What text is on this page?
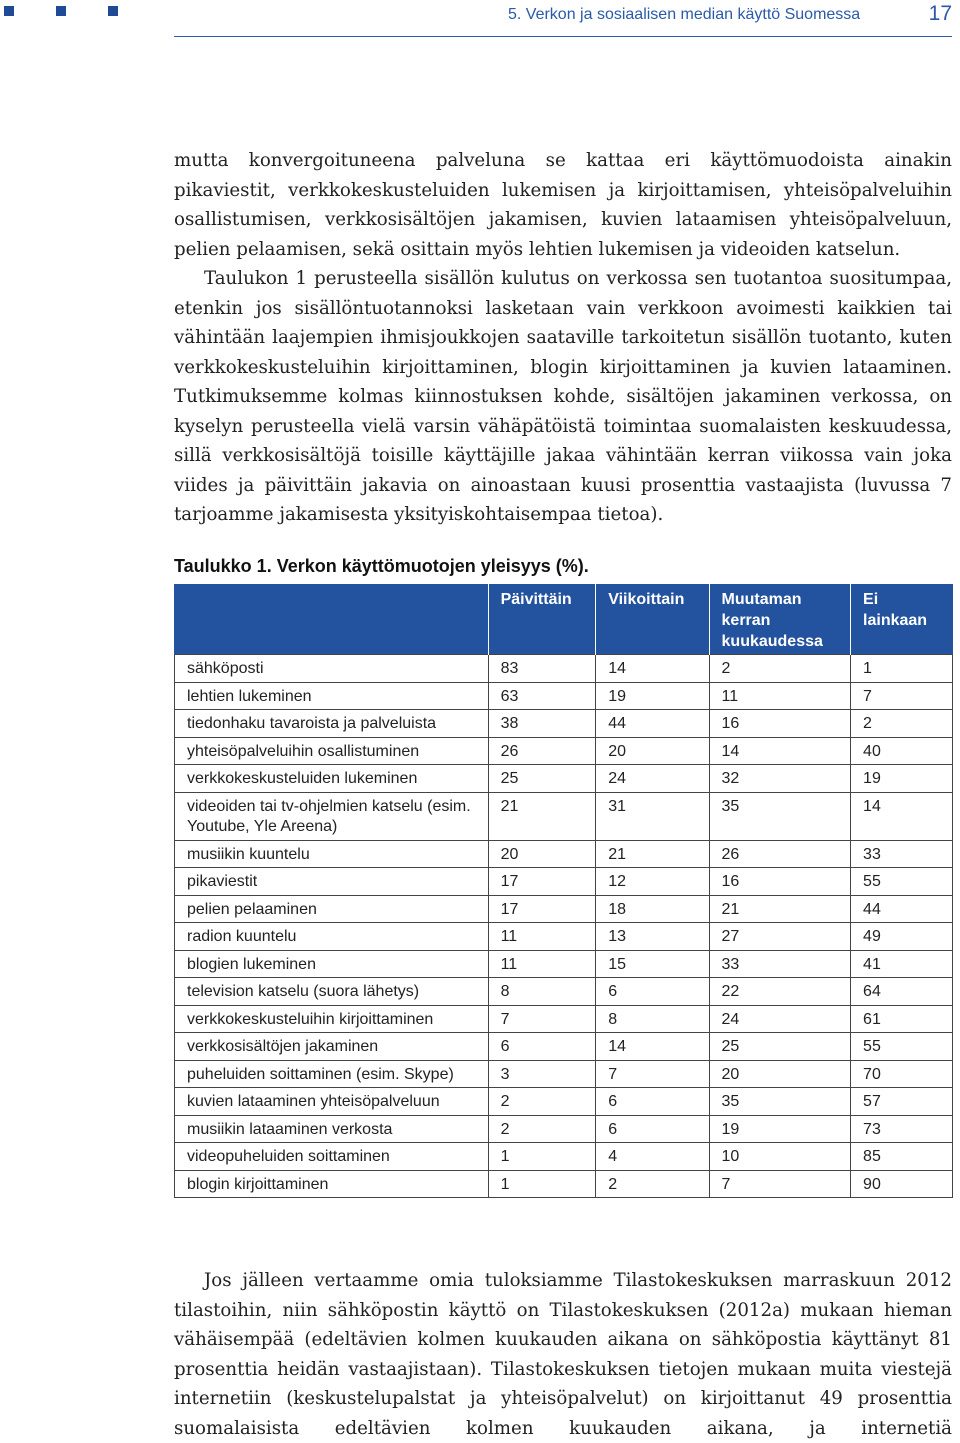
5. Verkon ja sosiaalisen median käyttö Suomessa	17

mutta konvergoituneena palveluna se kattaa eri käyttömuodoista ainakin pikaviestit, verkkokeskusteluiden lukemisen ja kirjoittamisen, yhteisöpalveluihin osallistumisen, verkkosisältöjen jakamisen, kuvien lataamisen yhteisöpalveluun, pelien pelaamisen, sekä osittain myös lehtien lukemisen ja videoiden katselun.

Taulukon 1 perusteella sisällön kulutus on verkossa sen tuotantoa suositumpaa, etenkin jos sisällöntuotannoksi lasketaan vain verkkoon avoimesti kaikkien tai vähintään laajempien ihmisjoukkojen saataville tarkoitetun sisällön tuotanto, kuten verkkokeskusteluihin kirjoittaminen, blogin kirjoittaminen ja kuvien lataaminen. Tutkimuksemme kolmas kiinnostuksen kohde, sisältöjen jakaminen verkossa, on kyselyn perusteella vielä varsin vähäpätöistä toimintaa suomalaisten keskuudessa, sillä verkkosisältöjä toisille käyttäjille jakaa vähintään kerran viikossa vain joka viides ja päivittäin jakavia on ainoastaan kuusi prosenttia vastaajista (luvussa 7 tarjoamme jakamisesta yksityiskohtaisempaa tietoa).

Taulukko 1. Verkon käyttömuotojen yleisyys (%).
	Päivittäin	Viikoittain	Muutaman kerran kuukaudessa	Ei lainkaan
sähköposti	83	14	2	1
lehtien lukeminen	63	19	11	7
tiedonhaku tavaroista ja palveluista	38	44	16	2
yhteisöpalveluihin osallistuminen	26	20	14	40
verkkokeskusteluiden lukeminen	25	24	32	19
videoiden tai tv-ohjelmien katselu (esim. Youtube, Yle Areena)	21	31	35	14
musiikin kuuntelu	20	21	26	33
pikaviestit	17	12	16	55
pelien pelaaminen	17	18	21	44
radion kuuntelu	11	13	27	49
blogien lukeminen	11	15	33	41
television katselu (suora lähetys)	8	6	22	64
verkkokeskusteluihin kirjoittaminen	7	8	24	61
verkkosisältöjen jakaminen	6	14	25	55
puheluiden soittaminen (esim. Skype)	3	7	20	70
kuvien lataaminen yhteisöpalveluun	2	6	35	57
musiikin lataaminen verkosta	2	6	19	73
videopuheluiden soittaminen	1	4	10	85
blogin kirjoittaminen	1	2	7	90

Jos jälleen vertaamme omia tuloksiamme Tilastokeskuksen marraskuun 2012 tilastoihin, niin sähköpostin käyttö on Tilastokeskuksen (2012a) mukaan hieman vähäisempää (edeltävien kolmen kuukauden aikana on sähköpostia käyttänyt 81 prosenttia heidän vastaajistaan). Tilastokeskuksen tietojen mukaan muita viestejä internetiin (keskustelupalstat ja yhteisöpalvelut) on kirjoittanut 49 prosenttia suomalaisista edeltävien kolmen kuukauden aikana, ja internetiä
